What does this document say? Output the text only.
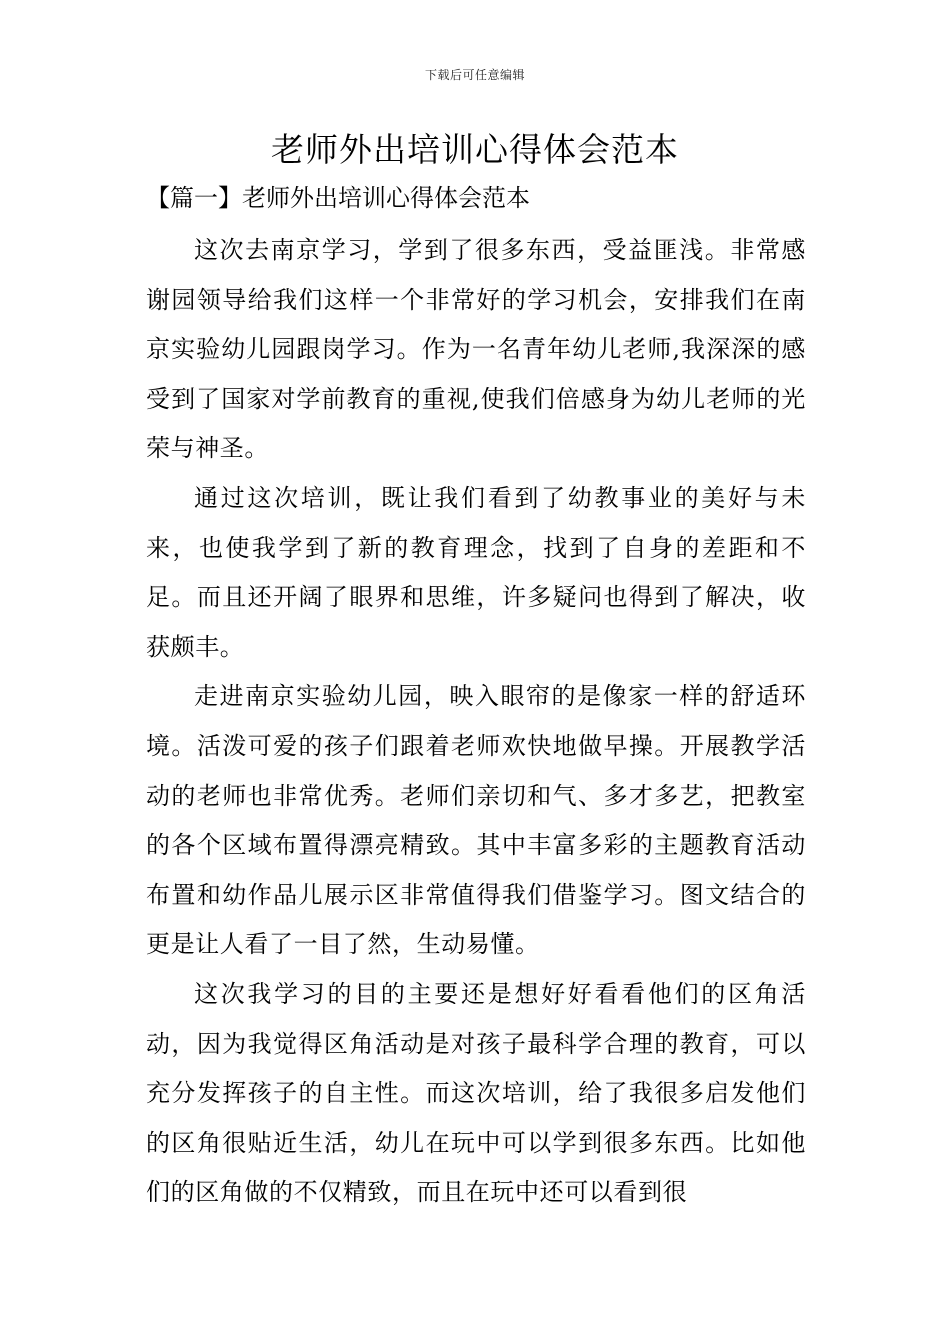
下载后可任意编辑
老师外出培训心得体会范本
【篇一】老师外出培训心得体会范本

这次去南京学习，学到了很多东西，受益匪浅。非常感谢园领导给我们这样一个非常好的学习机会，安排我们在南京实验幼儿园跟岗学习。作为一名青年幼儿老师,我深深的感受到了国家对学前教育的重视,使我们倍感身为幼儿老师的光荣与神圣。

通过这次培训，既让我们看到了幼教事业的美好与未来，也使我学到了新的教育理念，找到了自身的差距和不足。而且还开阔了眼界和思维，许多疑问也得到了解决，收获颇丰。

走进南京实验幼儿园，映入眼帘的是像家一样的舒适环境。活泼可爱的孩子们跟着老师欢快地做早操。开展教学活动的老师也非常优秀。老师们亲切和气、多才多艺，把教室的各个区域布置得漂亮精致。其中丰富多彩的主题教育活动布置和幼作品儿展示区非常值得我们借鉴学习。图文结合的更是让人看了一目了然，生动易懂。

这次我学习的目的主要还是想好好看看他们的区角活动，因为我觉得区角活动是对孩子最科学合理的教育，可以充分发挥孩子的自主性。而这次培训，给了我很多启发他们的区角很贴近生活，幼儿在玩中可以学到很多东西。比如他们的区角做的不仅精致，而且在玩中还可以看到很
